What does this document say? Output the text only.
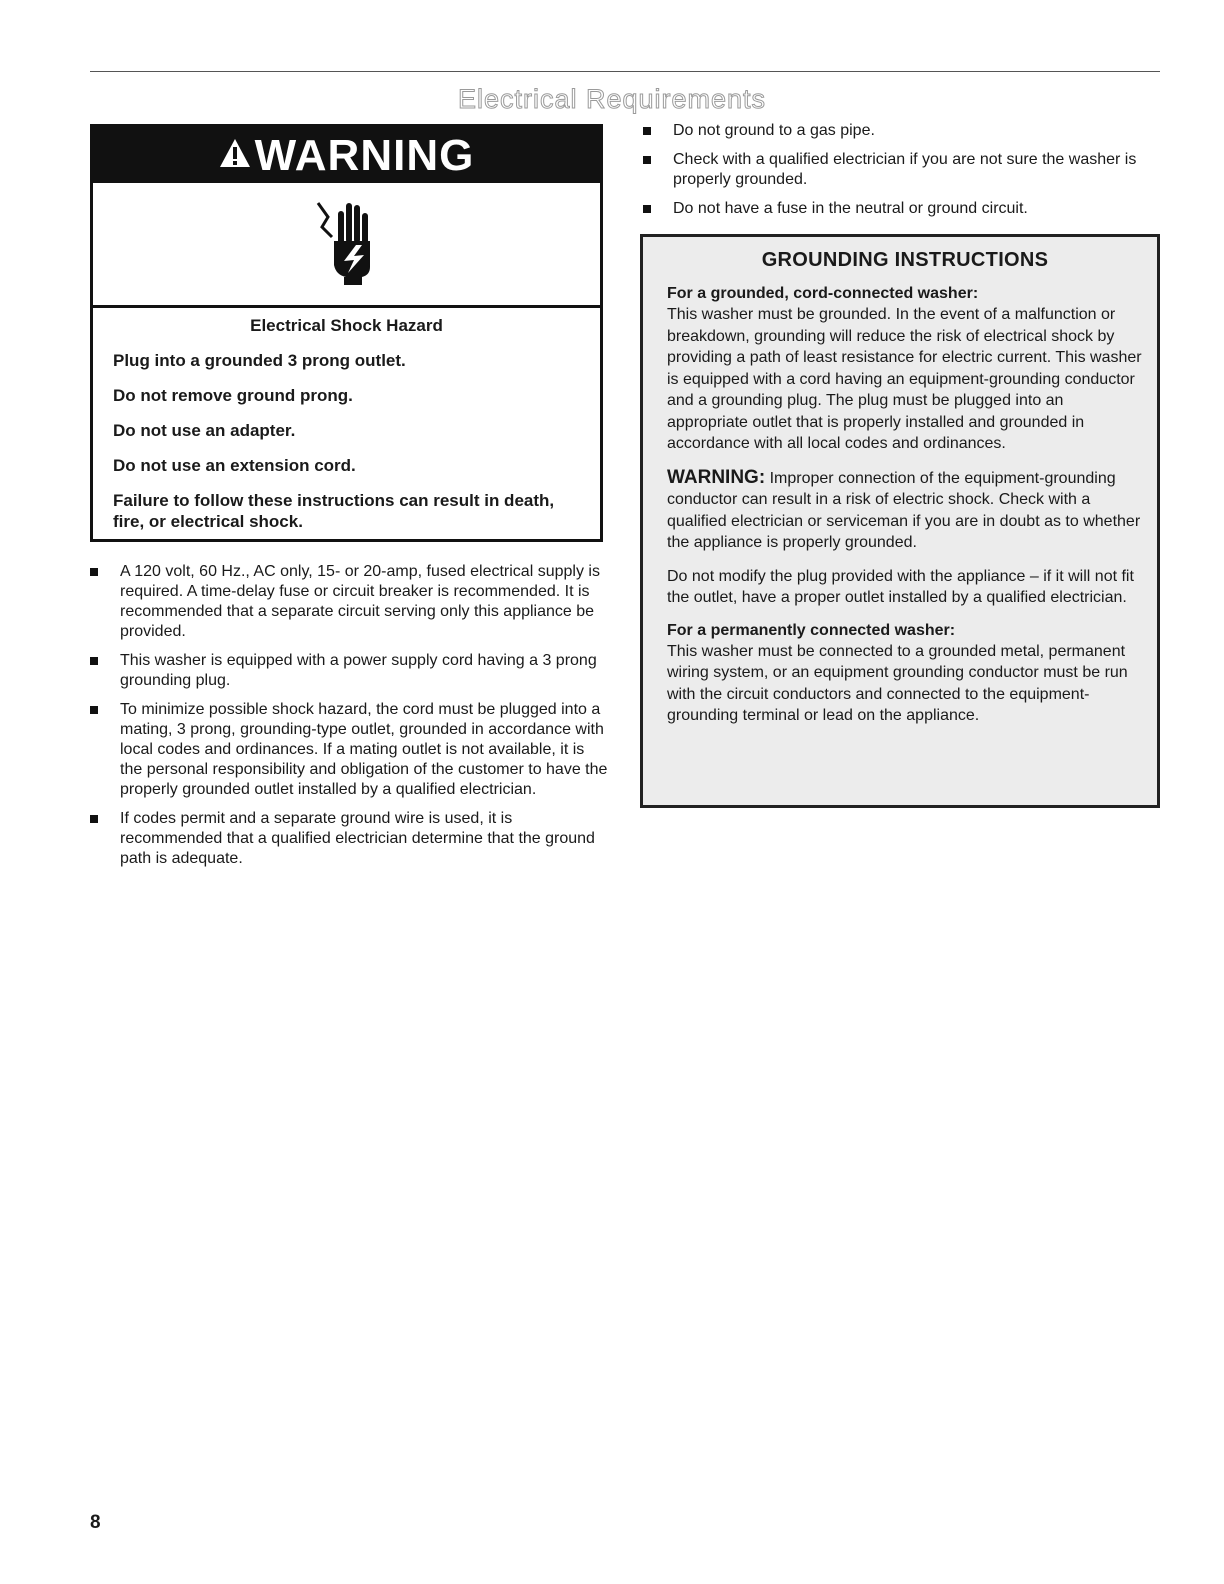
Electrical Requirements
WARNING
Electrical Shock Hazard

Plug into a grounded 3 prong outlet.

Do not remove ground prong.

Do not use an adapter.

Do not use an extension cord.

Failure to follow these instructions can result in death, fire, or electrical shock.

A 120 volt, 60 Hz., AC only, 15- or 20-amp, fused electrical supply is required. A time-delay fuse or circuit breaker is recommended. It is recommended that a separate circuit serving only this appliance be provided.
This washer is equipped with a power supply cord having a 3 prong grounding plug.
To minimize possible shock hazard, the cord must be plugged into a mating, 3 prong, grounding-type outlet, grounded in accordance with local codes and ordinances. If a mating outlet is not available, it is the personal responsibility and obligation of the customer to have the properly grounded outlet installed by a qualified electrician.
If codes permit and a separate ground wire is used, it is recommended that a qualified electrician determine that the ground path is adequate.
Do not ground to a gas pipe.
Check with a qualified electrician if you are not sure the washer is properly grounded.
Do not have a fuse in the neutral or ground circuit.
GROUNDING INSTRUCTIONS

For a grounded, cord-connected washer:

This washer must be grounded. In the event of a malfunction or breakdown, grounding will reduce the risk of electrical shock by providing a path of least resistance for electric current. This washer is equipped with a cord having an equipment-grounding conductor and a grounding plug. The plug must be plugged into an appropriate outlet that is properly installed and grounded in accordance with all local codes and ordinances.

WARNING: Improper connection of the equipment-grounding conductor can result in a risk of electric shock. Check with a qualified electrician or serviceman if you are in doubt as to whether the appliance is properly grounded.

Do not modify the plug provided with the appliance – if it will not fit the outlet, have a proper outlet installed by a qualified electrician.

For a permanently connected washer:

This washer must be connected to a grounded metal, permanent wiring system, or an equipment grounding conductor must be run with the circuit conductors and connected to the equipment-grounding terminal or lead on the appliance.

8
